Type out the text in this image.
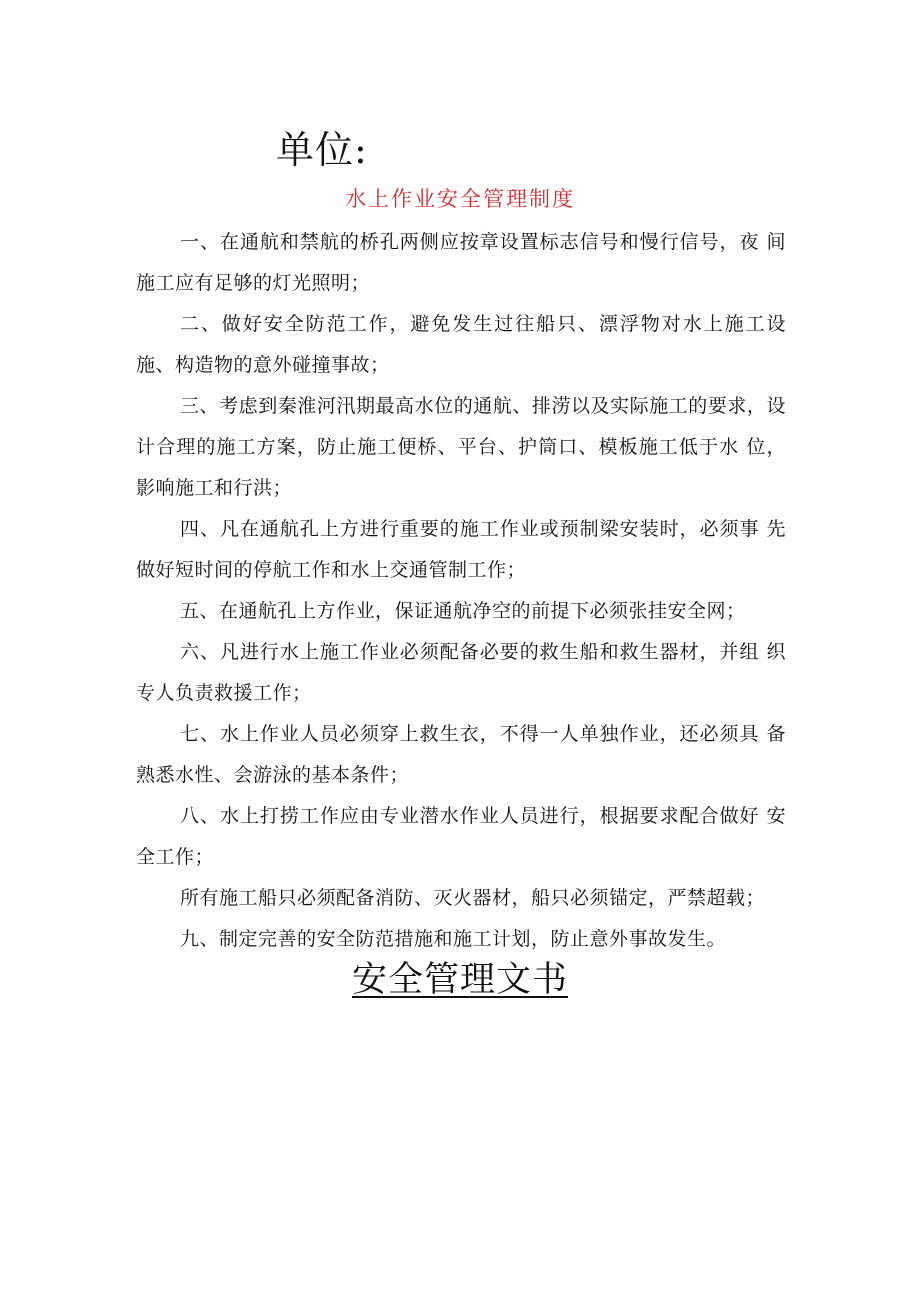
单位:
水上作业安全管理制度

一、在通航和禁航的桥孔两侧应按章设置标志信号和慢行信号，夜 间施工应有足够的灯光照明；

二、做好安全防范工作，避免发生过往船只、漂浮物对水上施工设 施、构造物的意外碰撞事故；

三、考虑到秦淮河汛期最高水位的通航、排涝以及实际施工的要求，设计合理的施工方案，防止施工便桥、平台、护筒口、模板施工低于水 位，影响施工和行洪；

四、凡在通航孔上方进行重要的施工作业或预制梁安装时，必须事 先做好短时间的停航工作和水上交通管制工作；

五、在通航孔上方作业，保证通航净空的前提下必须张挂安全网；

六、凡进行水上施工作业必须配备必要的救生船和救生器材，并组 织专人负责救援工作；

七、水上作业人员必须穿上救生衣，不得一人单独作业，还必须具 备熟悉水性、会游泳的基本条件；

八、水上打捞工作应由专业潜水作业人员进行，根据要求配合做好 安全工作；

所有施工船只必须配备消防、灭火器材，船只必须锚定，严禁超载；

九、制定完善的安全防范措施和施工计划，防止意外事故发生。

安全管理文书
